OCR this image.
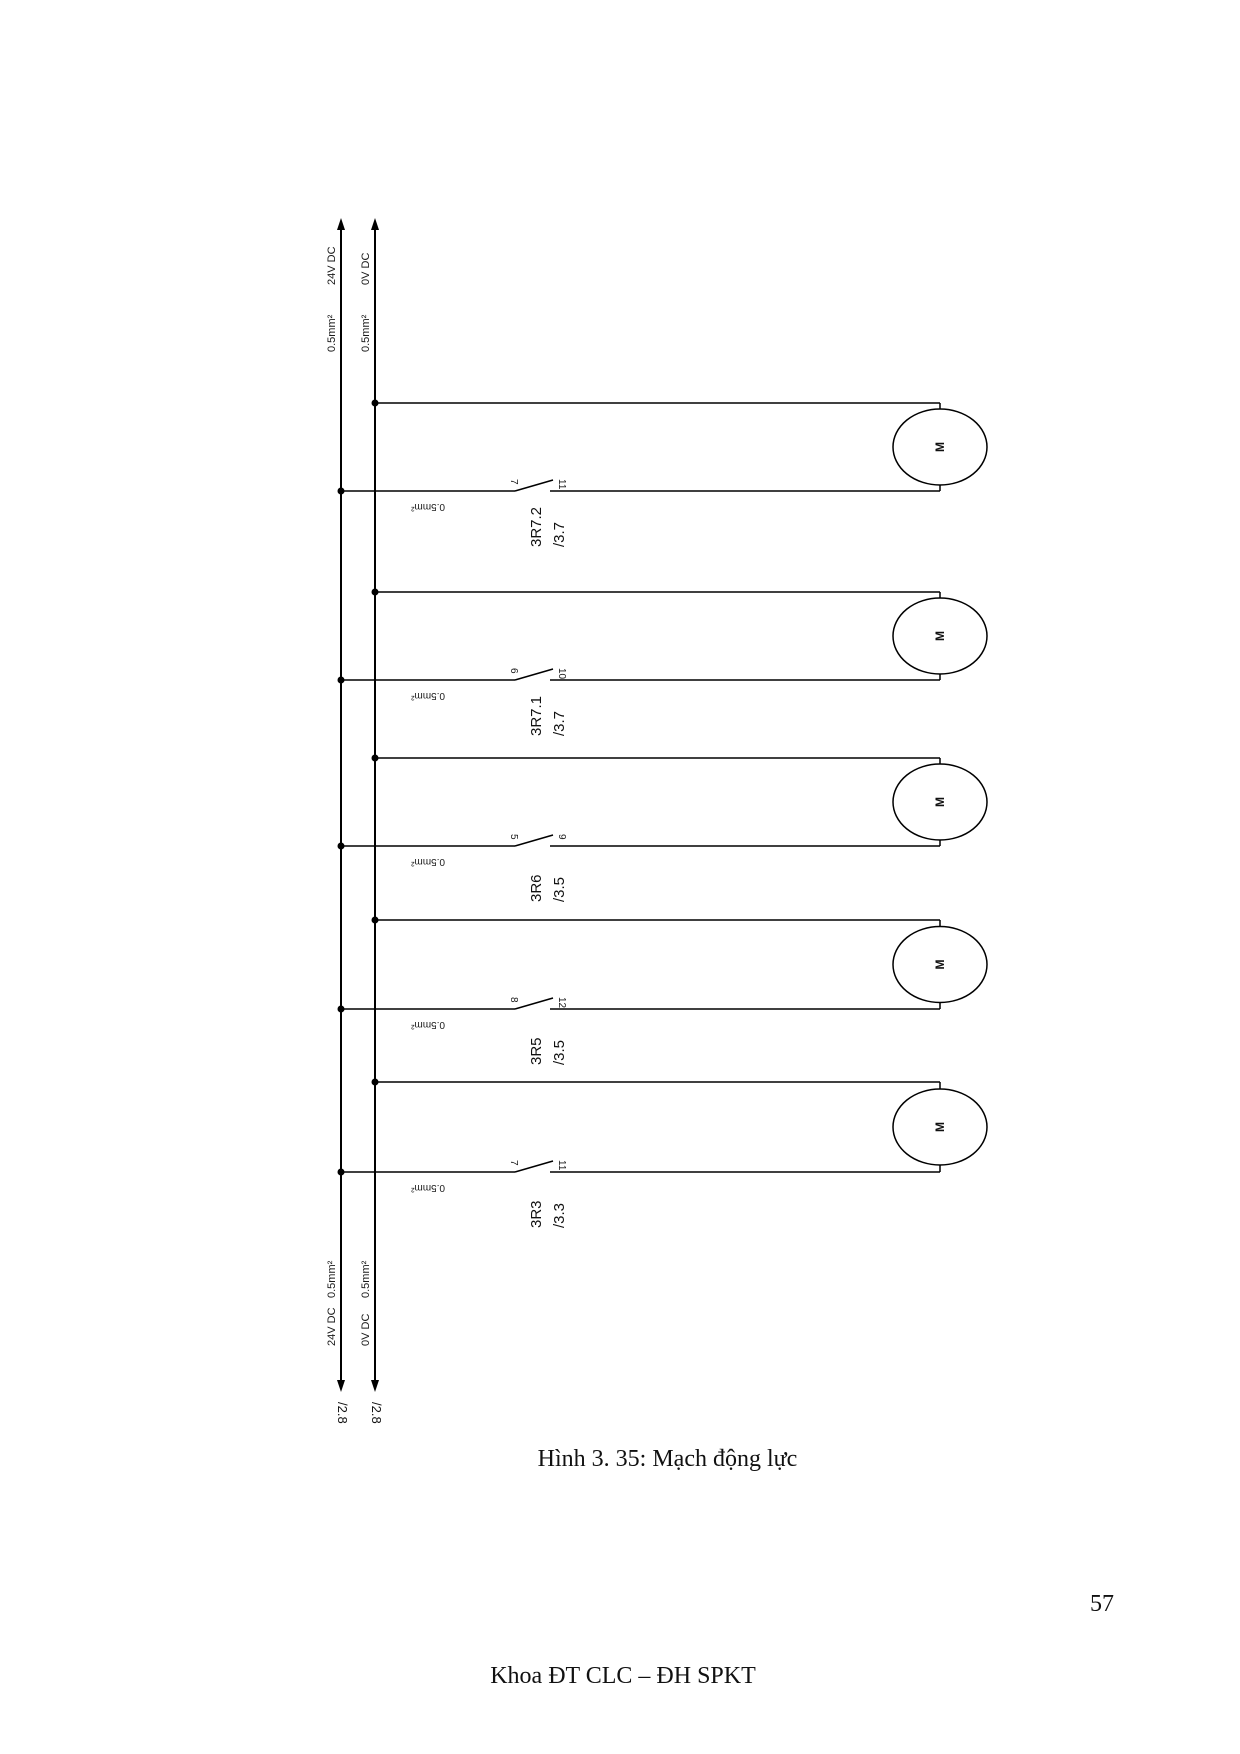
24V DC
0.5mm²
0V DC
0.5mm²
24V DC
0.5mm²
/2.8
0V DC
0.5mm²
/2.8
M
0.5mm²
7	11
3R7.2 /3.7
M
0.5mm²
6	10
3R7.1 /3.7
M
0.5mm²
5	9
3R6 /3.5
M
0.5mm²
8	12
3R5 /3.5
M
0.5mm²
7	11
3R3 /3.3
Hình 3. 35: Mạch động lực
57
Khoa ĐT CLC – ĐH SPKT
